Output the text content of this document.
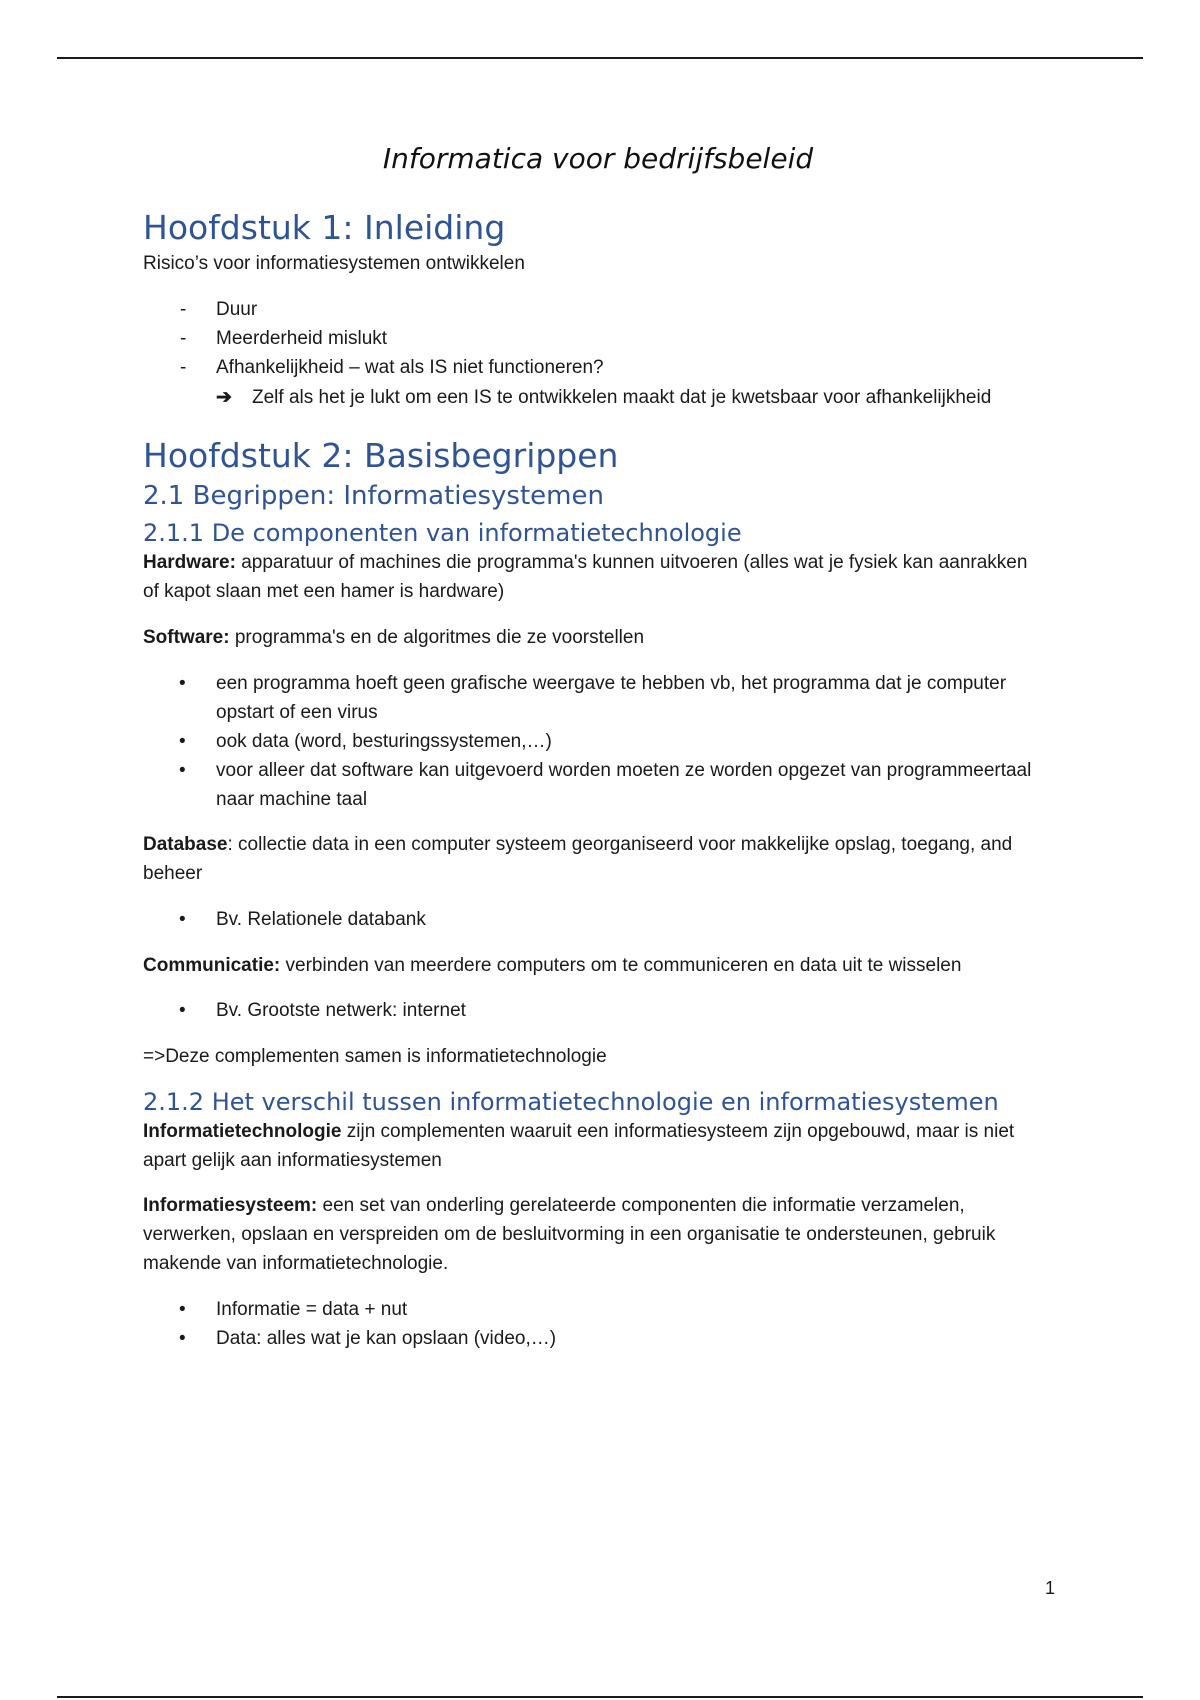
Informatica voor bedrijfsbeleid
Hoofdstuk 1: Inleiding

Risico’s voor informatiesystemen ontwikkelen

-	Duur
-	Meerderheid mislukt
-	Afhankelijkheid – wat als IS niet functioneren?
➔ Zelf als het je lukt om een IS te ontwikkelen maakt dat je kwetsbaar voor afhankelijkheid
Hoofdstuk 2: Basisbegrippen
2.1 Begrippen: Informatiesystemen
2.1.1 De componenten van informatietechnologie

Hardware: apparatuur of machines die programma's kunnen uitvoeren (alles wat je fysiek kan aanrakken of kapot slaan met een hamer is hardware)

Software: programma's en de algoritmes die ze voorstellen

•	een programma hoeft geen grafische weergave te hebben vb, het programma dat je computer opstart of een virus
•	ook data (word, besturingssystemen,…)
•	voor alleer dat software kan uitgevoerd worden moeten ze worden opgezet van programmeertaal naar machine taal

Database: collectie data in een computer systeem georganiseerd voor makkelijke opslag, toegang, and beheer

•	Bv. Relationele databank

Communicatie: verbinden van meerdere computers om te communiceren en data uit te wisselen

•	Bv. Grootste netwerk: internet

=>Deze complementen samen is informatietechnologie

2.1.2 Het verschil tussen informatietechnologie en informatiesystemen

Informatietechnologie zijn complementen waaruit een informatiesysteem zijn opgebouwd, maar is niet apart gelijk aan informatiesystemen

Informatiesysteem: een set van onderling gerelateerde componenten die informatie verzamelen, verwerken, opslaan en verspreiden om de besluitvorming in een organisatie te ondersteunen, gebruik makende van informatietechnologie.

•	Informatie = data + nut
•	Data: alles wat je kan opslaan (video,…)
1
